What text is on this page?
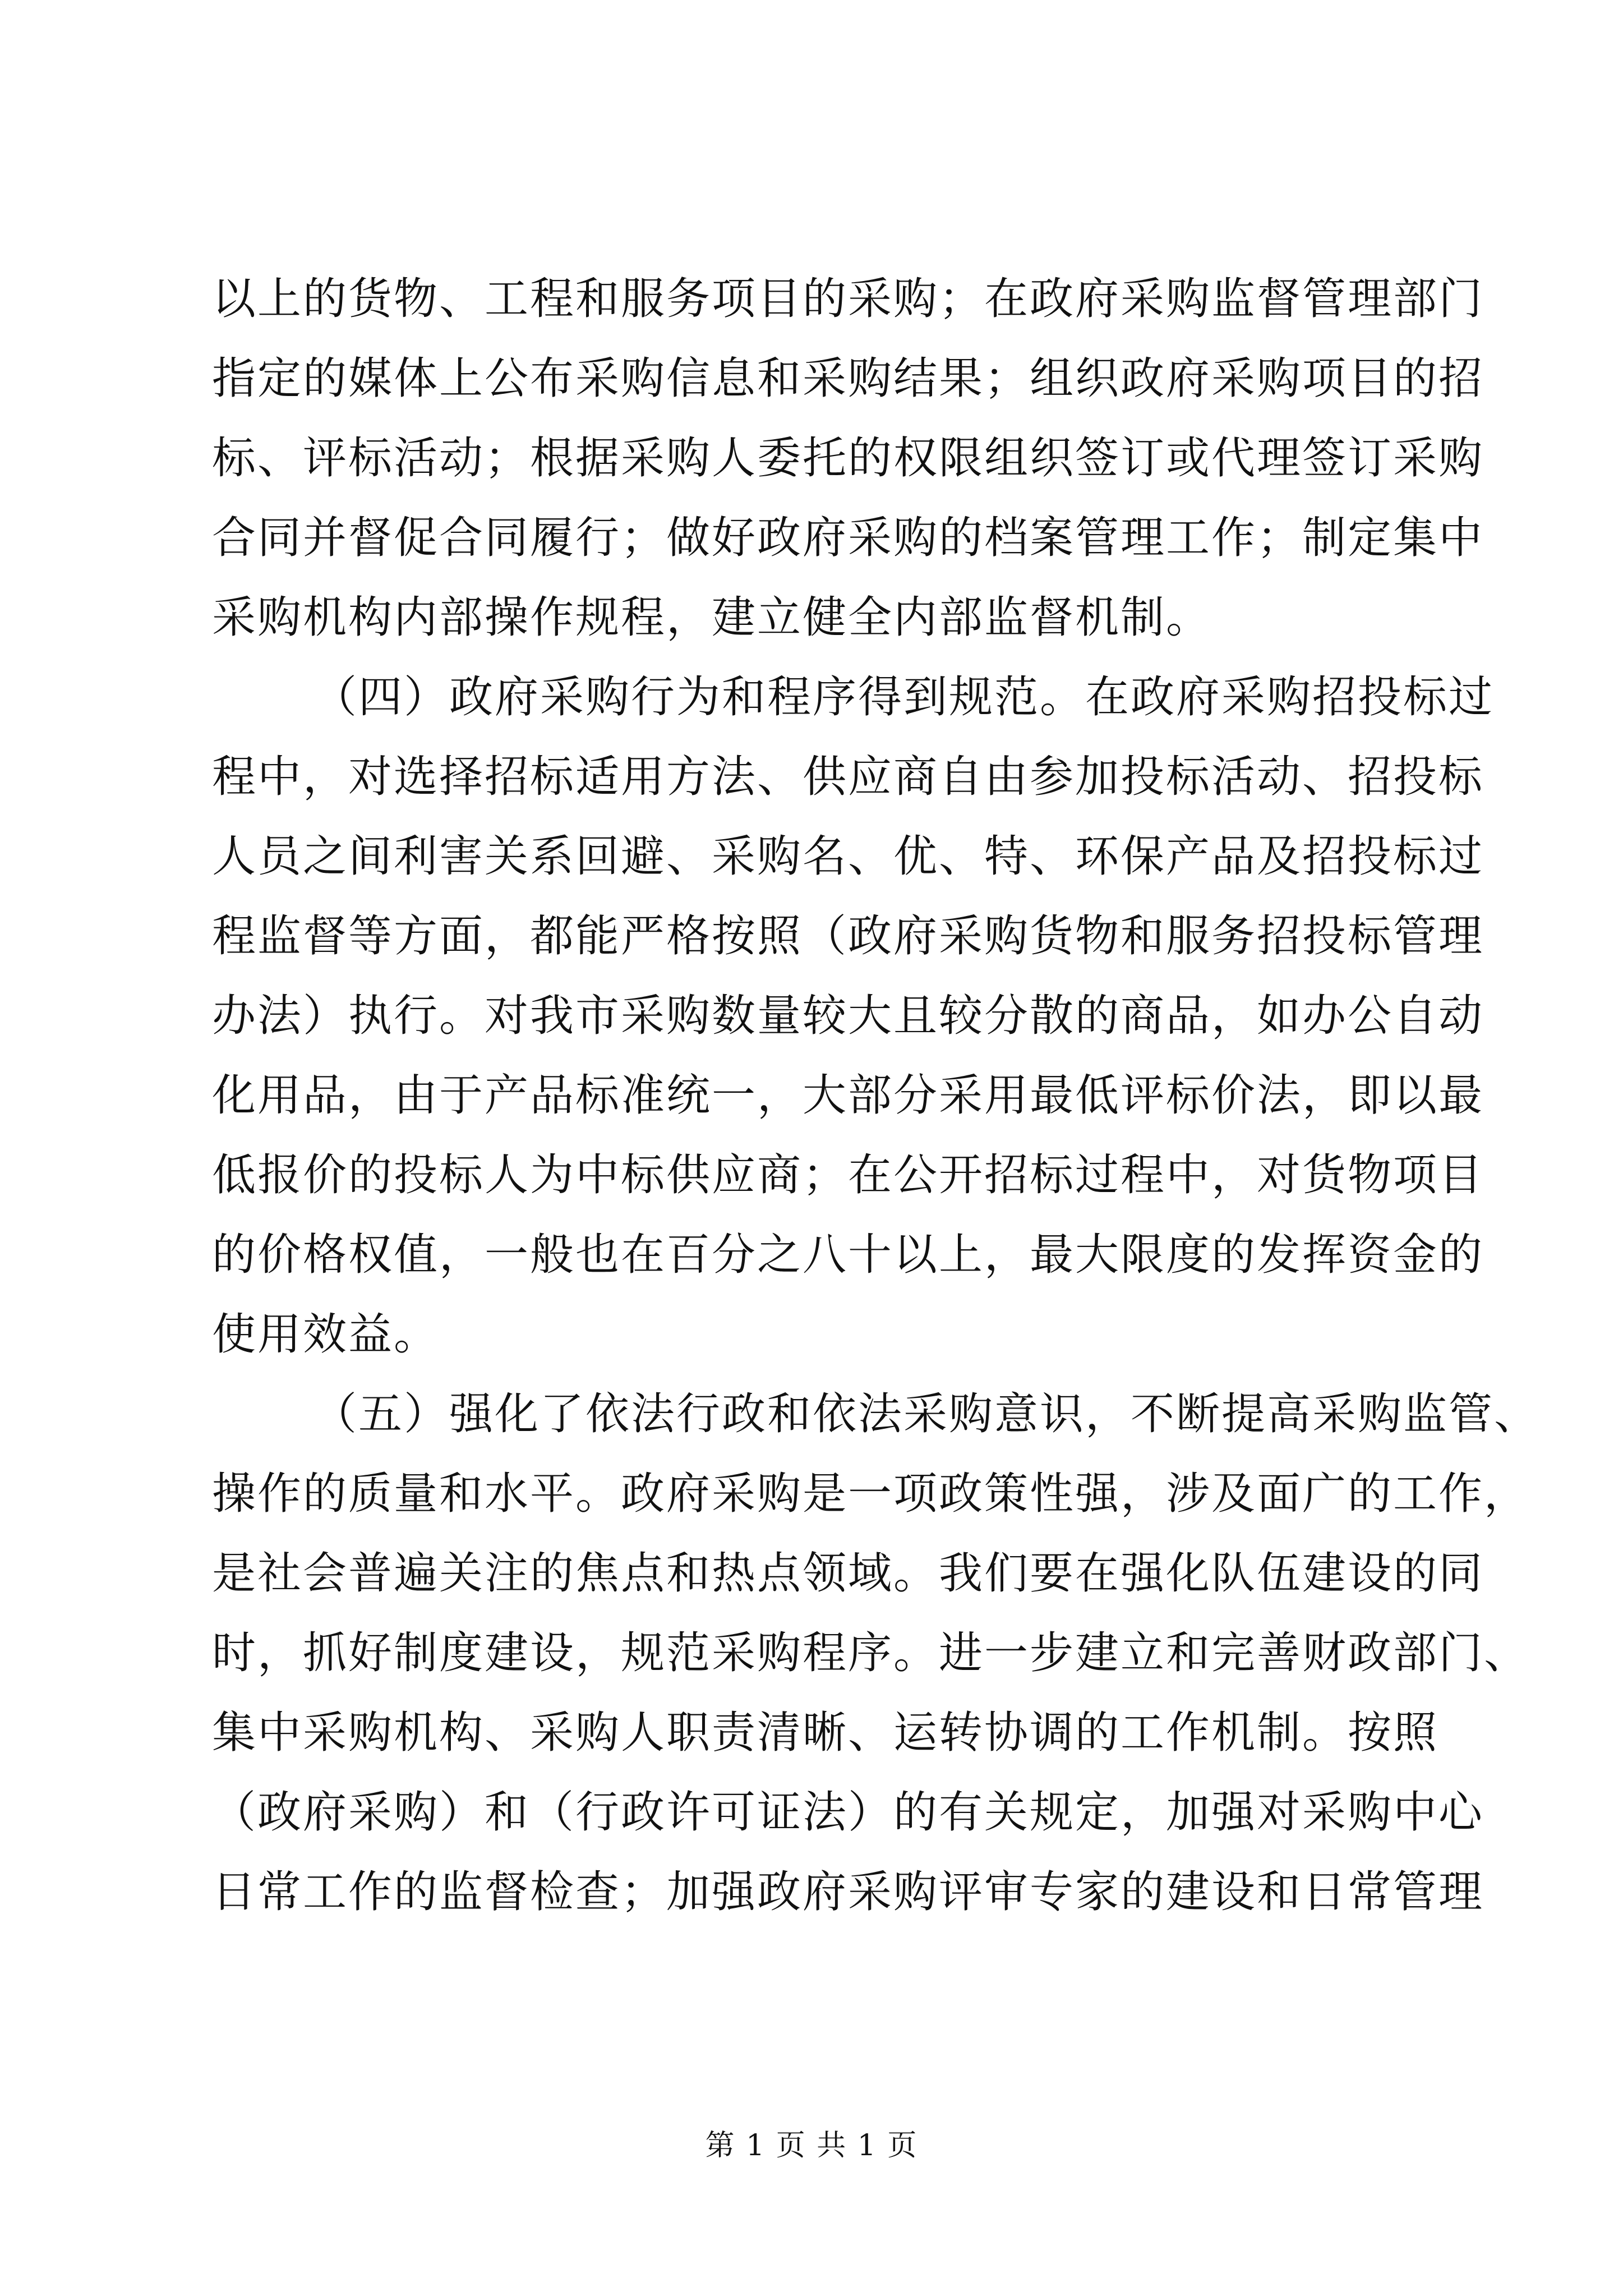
以上的货物、工程和服务项目的采购；在政府采购监督管理部门
指定的媒体上公布采购信息和采购结果；组织政府采购项目的招
标、评标活动；根据采购人委托的权限组织签订或代理签订采购
合同并督促合同履行；做好政府采购的档案管理工作；制定集中
采购机构内部操作规程，建立健全内部监督机制。
（四）政府采购行为和程序得到规范。在政府采购招投标过
程中，对选择招标适用方法、供应商自由参加投标活动、招投标
人员之间利害关系回避、采购名、优、特、环保产品及招投标过
程监督等方面，都能严格按照（政府采购货物和服务招投标管理
办法）执行。对我市采购数量较大且较分散的商品，如办公自动
化用品，由于产品标准统一，大部分采用最低评标价法，即以最
低报价的投标人为中标供应商；在公开招标过程中，对货物项目
的价格权值，一般也在百分之八十以上，最大限度的发挥资金的
使用效益。
（五）强化了依法行政和依法采购意识，不断提高采购监管、
操作的质量和水平。政府采购是一项政策性强，涉及面广的工作，
是社会普遍关注的焦点和热点领域。我们要在强化队伍建设的同
时，抓好制度建设，规范采购程序。进一步建立和完善财政部门、
集中采购机构、采购人职责清晰、运转协调的工作机制。按照
（政府采购）和（行政许可证法）的有关规定，加强对采购中心
日常工作的监督检查；加强政府采购评审专家的建设和日常管理
第 1 页 共 1 页
